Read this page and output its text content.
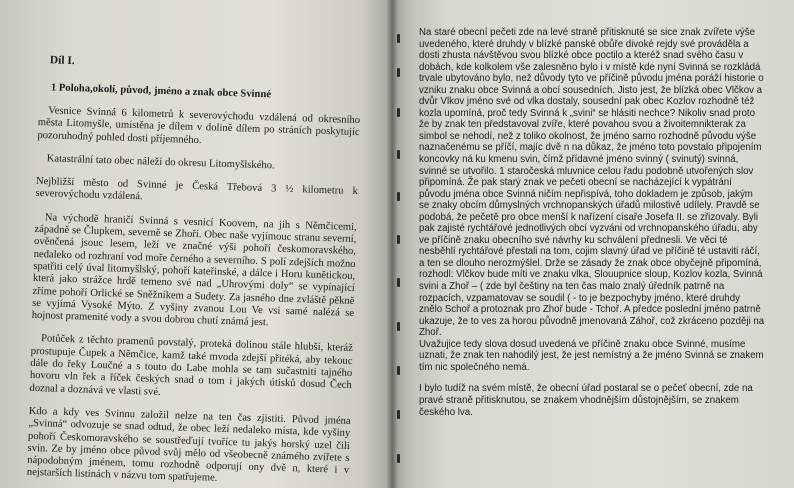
Díl I.
1 Poloha,okolí, původ, jméno a znak obce Svinné

Vesnice Svinná 6 kilometrů k severovýchodu vzdálená od okresního města Litomyšle, umístěna je dílem v dolině dílem po stráních poskytujíc pozoruhodný pohled dosti příjemného.

Katastrální tato obec náleží do okresu Litomyšlského.

Nejbližší město od Svinné je Česká Třebová 3 ½ kilometru k severovýchodu vzdálená.

Na východě hraničí Svinná s vesnicí Koovem, na jih s Němčicemi, západně se Člupkem, severně se Zhoří. Obec naše vyjímouc stranu severní, ověnčená jsouc lesem, leží ve značné výši pohoří českomoravského, nedaleko od rozhraní vod moře černého a severního. S polí zdejších možno spatřiti celý úval litomyšlský, pohoří kateřinské, a dálce i Horu kunětickou, která jako strážce hrdě temeno své nad „Uhrovými doly“ se vypínající zříme pohoří Orlické se Sněžníkem a Sudety. Za jasného dne zvláště pěkně se vyjímá Vysoké Mýto. Z vyšiny zvanou Lou Ve vsi samé nalézá se hojnost pramenité vody a svou dobrou chutí známá jest.

Potůček z těchto pramenů povstalý, proteká dolinou stále hlubší, kteráž prostupuje Čupek a Němčice, kamž také mvoda zdejší přitéká, aby tekouc dále do řeky Loučné a s touto do Labe mohla se tam sučastniti tajného hovoru vln řek a říček českých snad o tom i jakých útisků dosud Čech doznal a doznává ve vlasti své.

Kdo a kdy ves Svinnu založil nelze na ten čas zjistiti. Původ jména „Svinná“ odvozuje se snad odtud, že obec leží nedaleko místa, kde vyšiny pohoří Českomoravského se soustřeďují tvoříce tu jakýs horský uzel čili svin. Ze by jméno obce původ svůj mělo od všeobecně známého zvířete s nápodobným jménem, tomu rozhodně odporují ony dvě n, které i v nejstarších listinách v názvu tom spatřujeme.

Na staré obecní pečeti zde na levé straně přitisknuté se sice znak zvířete výše uvedeného, které druhdy v blízké panské obůře divoké rejdy své prováděla a dosti zhusta návštěvou svou blízké obce poctilo a kteréž snad svého času v dobách, kde kolkolem vše zalesněno bylo i v místě kde nyní Svinná se rozkládá trvale ubytováno bylo, než důvody tyto ve příčině původu jména poráží historie o vzniku znaku obce Svinná a obcí sousedních. Jisto jest, že blízká obec Vlčkov a dvůr Vlkov jméno své od vlka dostaly, sousední pak obec Kozlov rozhodně též kozla upomíná, proč tedy Svinná k „svini“ se hlásiti nechce? Nikoliv snad proto že by znak ten představoval zvíře, které povahou svou a živoitemnikterak za simbol se nehodí, než z toliko okolnost, že jméno samo rozhodně původu výše naznačenému se příčí, majíc dvě n na důkaz, že jméno toto povstalo připojením koncovky ná ku kmenu svin, čímž přídavné jméno svinný ( svinutý) svinná, svinné se utvořilo. 1 staročeská mluvnice celou řadu podobně utvořených slov připomíná. Že pak starý znak ve pečeti obecní se nacházející k vypátrání původu jména obce Svinná ničím nepřispívá, toho dokladem je způsob, jakým se znaky obcím důmyslných vrchnopanských úřadů milostivě udílely. Pravdě se podobá, že pečetě pro obce menší k nařízení císaře Josefa II. se zřizovaly. Byli pak zajisté rychtářové jednotlivých obcí vyzváni od vrchnopanského úřadu, aby ve příčině znaku obecního své návrhy ku schválení přednesli. Ve věci té nesběhlí rychtářové přestali na tom, cojim slavný úřad ve příčině té ustaviti ráčí, a ten se dlouho nerozmýšlel. Drže se zásady že znak obce obyčejně připomíná, rozhodl: Vlčkov bude míti ve znaku vlka, Slouupnice sloup, Kozlov kozla, Svinná svini a Zhoř – ( zde byl češtiny na ten čas malo znalý úředník patrně na rozpacích, vzpamatovav se soudil ( - to je bezpochyby jméno, které druhdy znělo Schoř a protoznak pro Zhoř bude - Tchoř. A předce poslední jméno patrně ukazuje, že to ves za horou původně jmenovaná Záhoř, což zkráceno později na Zhoř.

Uvažujice tedy slova dosud uvedená ve příčině znaku obce Svinné, musíme uznati, že znak ten nahodilý jest, že jest nemístný a že jméno Svinná se znakem tím nic společného nemá.

I bylo tudíž na svém místě, že obecní úřad postaral se o pečeť obecní, zde na pravé straně přitisknutou, se znakem vhodnějším důstojnějším, se znakem českého lva.
